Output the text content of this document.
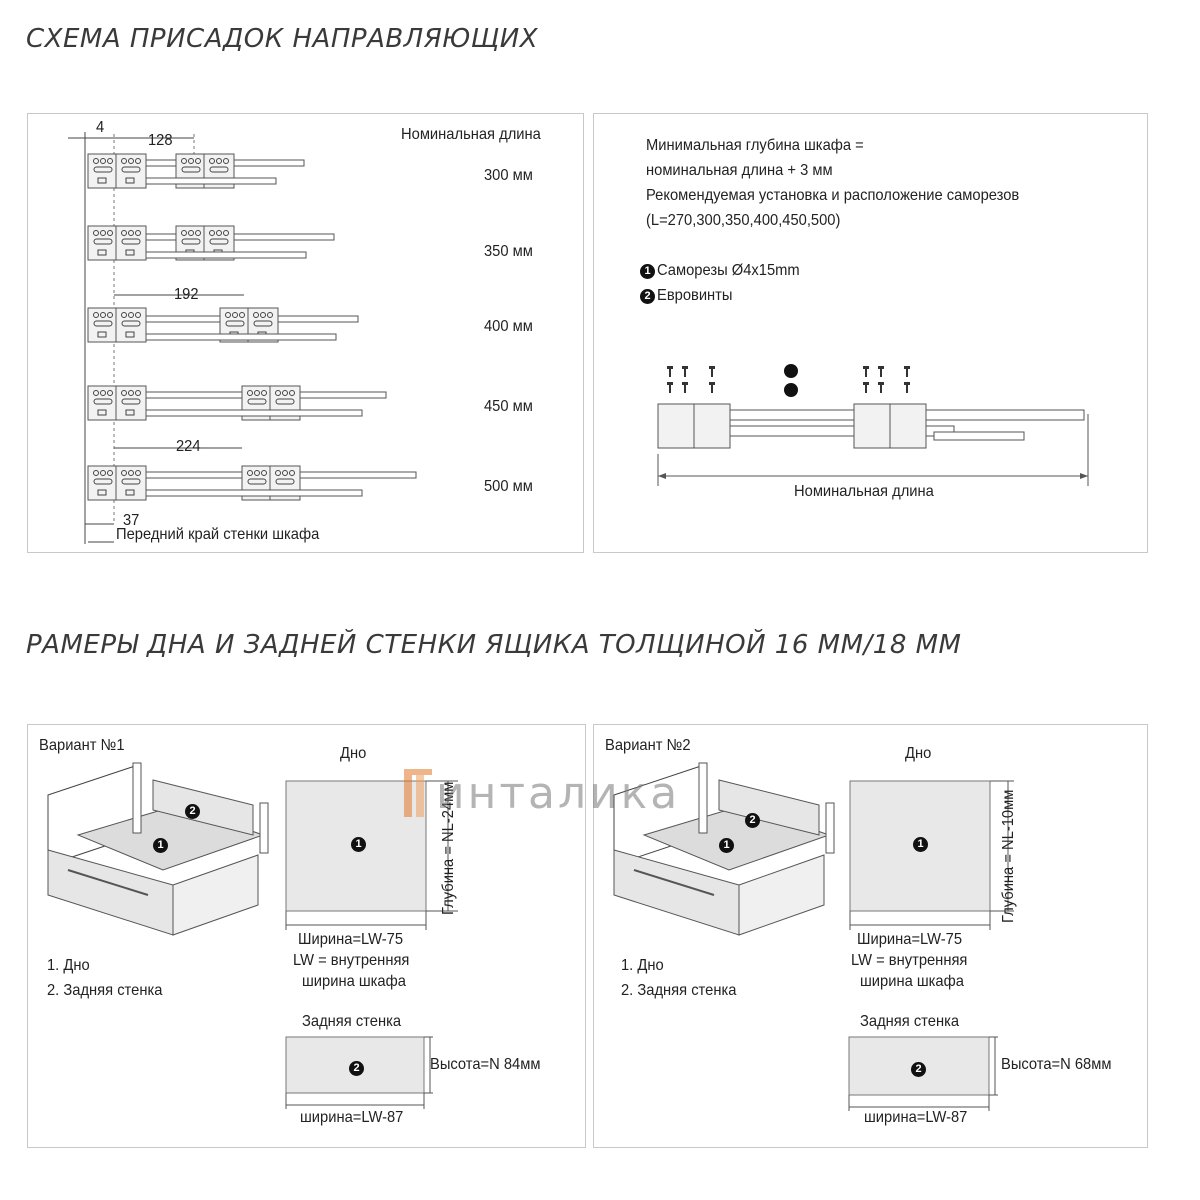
СХЕМА ПРИСАДОК НАПРАВЛЯЮЩИХ
РАМЕРЫ ДНА И ЗАДНЕЙ СТЕНКИ ЯЩИКА ТОЛЩИНОЙ 16 ММ/18 ММ
4
128
192
224
37
Номинальная длина
300 мм
350 мм
400 мм
450 мм
500 мм
Передний край стенки шкафа
Минимальная глубина шкафа =
номинальная длина + 3 мм
Рекомендуемая установка и расположение саморезов
(L=270,300,350,400,450,500)
1 Саморезы Ø4x15mm
2 Евровинты
Номинальная длина
Вариант №1
1
2
Дно
1	Глубина = NL-24мм
Ширина=LW-75
LW = внутренняя
ширина шкафа
1. Дно
2. Задняя стенка
Задняя стенка
2	Высота=N 84мм
ширина=LW-87
Вариант №2
1
2
Дно
1	Глубина = NL-10мм
Ширина=LW-75
LW = внутренняя
ширина шкафа
1. Дно
2. Задняя стенка
Задняя стенка
2	Высота=N 68мм
ширина=LW-87
инталика
